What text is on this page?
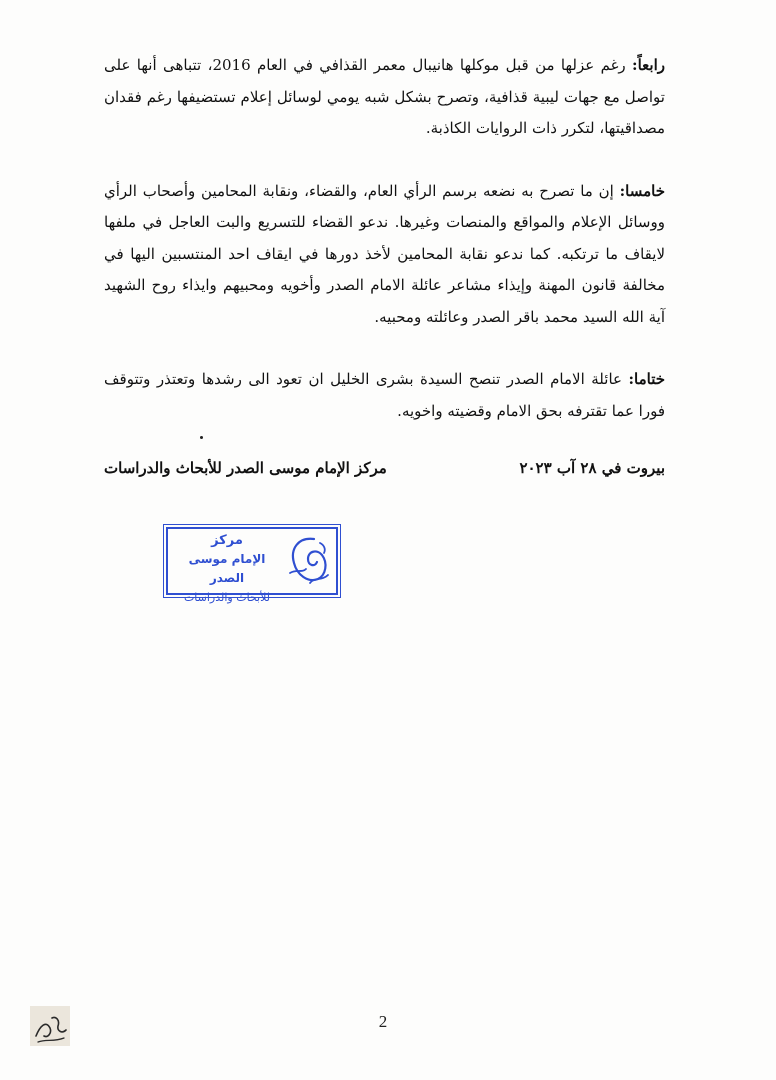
رابعاً: رغم عزلها من قبل موكلها هانيبال معمر القذافي في العام 2016، تتباهى أنها على تواصل مع جهات ليبية قذافية، وتصرح بشكل شبه يومي لوسائل إعلام تستضيفها رغم فقدان مصداقيتها، لتكرر ذات الروايات الكاذبة.

خامسا: إن ما تصرح به نضعه برسم الرأي العام، والقضاء، ونقابة المحامين وأصحاب الرأي ووسائل الإعلام والمواقع والمنصات وغيرها. ندعو القضاء للتسريع والبت العاجل في ملفها لايقاف ما ترتكبه. كما ندعو نقابة المحامين لأخذ دورها في ايقاف احد المنتسبين اليها في مخالفة قانون المهنة وإيذاء مشاعر عائلة الامام الصدر وأخويه ومحبيهم وايذاء روح الشهيد آية الله السيد محمد باقر الصدر وعائلته ومحبيه.

ختاما: عائلة الامام الصدر تنصح السيدة بشرى الخليل ان تعود الى رشدها وتعتذر وتتوقف فورا عما تقترفه بحق الامام وقضيته واخويه.

بيروت في ٢٨ آب ٢٠٢٣
مركز الإمام موسى الصدر للأبحاث والدراسات
مركز
الإمام موسى الصدر
للأبحاث والدراسات
2
